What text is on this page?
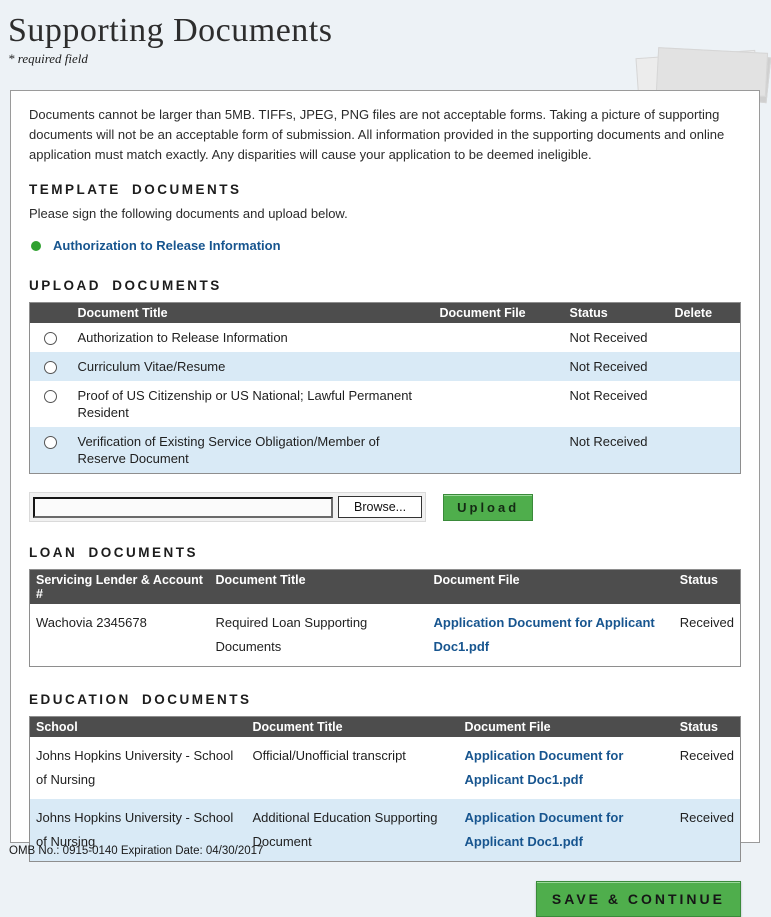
Supporting Documents
* required field

Documents cannot be larger than 5MB. TIFFs, JPEG, PNG files are not acceptable forms. Taking a picture of supporting documents will not be an acceptable form of submission. All information provided in the supporting documents and online application must match exactly. Any disparities will cause your application to be deemed ineligible.

TEMPLATE DOCUMENTS

Please sign the following documents and upload below.

Authorization to Release Information
UPLOAD DOCUMENTS
	Document Title	Document File	Status	Delete
	Authorization to Release Information		Not Received	
	Curriculum Vitae/Resume		Not Received	
	Proof of US Citizenship or US National; Lawful Permanent Resident		Not Received	
	Verification of Existing Service Obligation/Member of Reserve Document		Not Received	
Browse...	Upload
LOAN DOCUMENTS
Servicing Lender & Account #	Document Title	Document File	Status
Wachovia 2345678	Required Loan Supporting Documents	Application Document for Applicant Doc1.pdf	Received
EDUCATION DOCUMENTS
School	Document Title	Document File	Status
Johns Hopkins University - School of Nursing	Official/Unofficial transcript	Application Document for Applicant Doc1.pdf	Received
Johns Hopkins University - School of Nursing	Additional Education Supporting Document	Application Document for Applicant Doc1.pdf	Received
SAVE & CONTINUE
OMB No.: 0915-0140 Expiration Date: 04/30/2017
